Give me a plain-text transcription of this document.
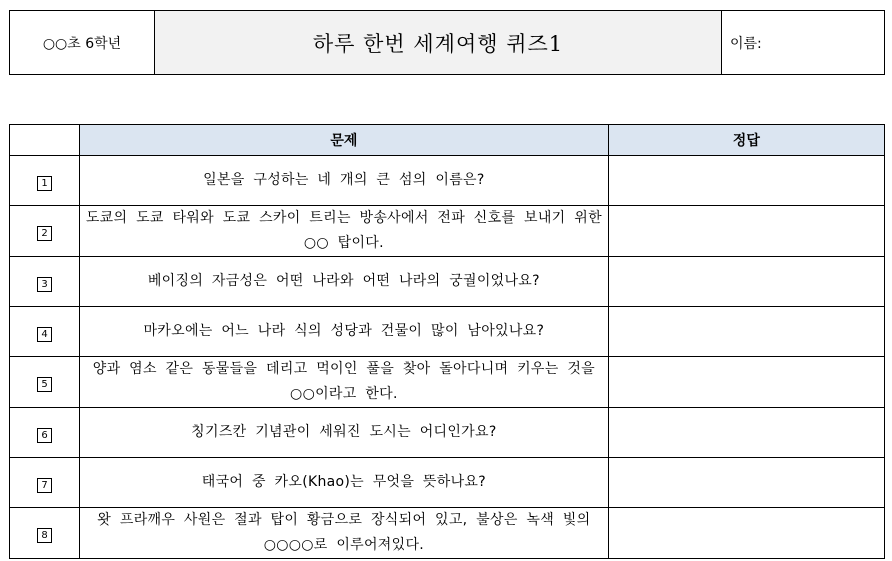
○○초 6학년	하루 한번 세계여행 퀴즈1	이름:
	문제	정답
1	일본을 구성하는 네 개의 큰 섬의 이름은?	
2	도쿄의 도쿄 타워와 도쿄 스카이 트리는 방송사에서 전파 신호를 보내기 위한 ○○ 탑이다.	
3	베이징의 자금성은 어떤 나라와 어떤 나라의 궁궐이었나요?	
4	마카오에는 어느 나라 식의 성당과 건물이 많이 남아있나요?	
5	양과 염소 같은 동물들을 데리고 먹이인 풀을 찾아 돌아다니며 키우는 것을 ○○이라고 한다.	
6	칭기즈칸 기념관이 세워진 도시는 어디인가요?	
7	태국어 중 카오(Khao)는 무엇을 뜻하나요?	
8	왓 프라깨우 사원은 절과 탑이 황금으로 장식되어 있고, 불상은 녹색 빛의 ○○○○로 이루어져있다.	
